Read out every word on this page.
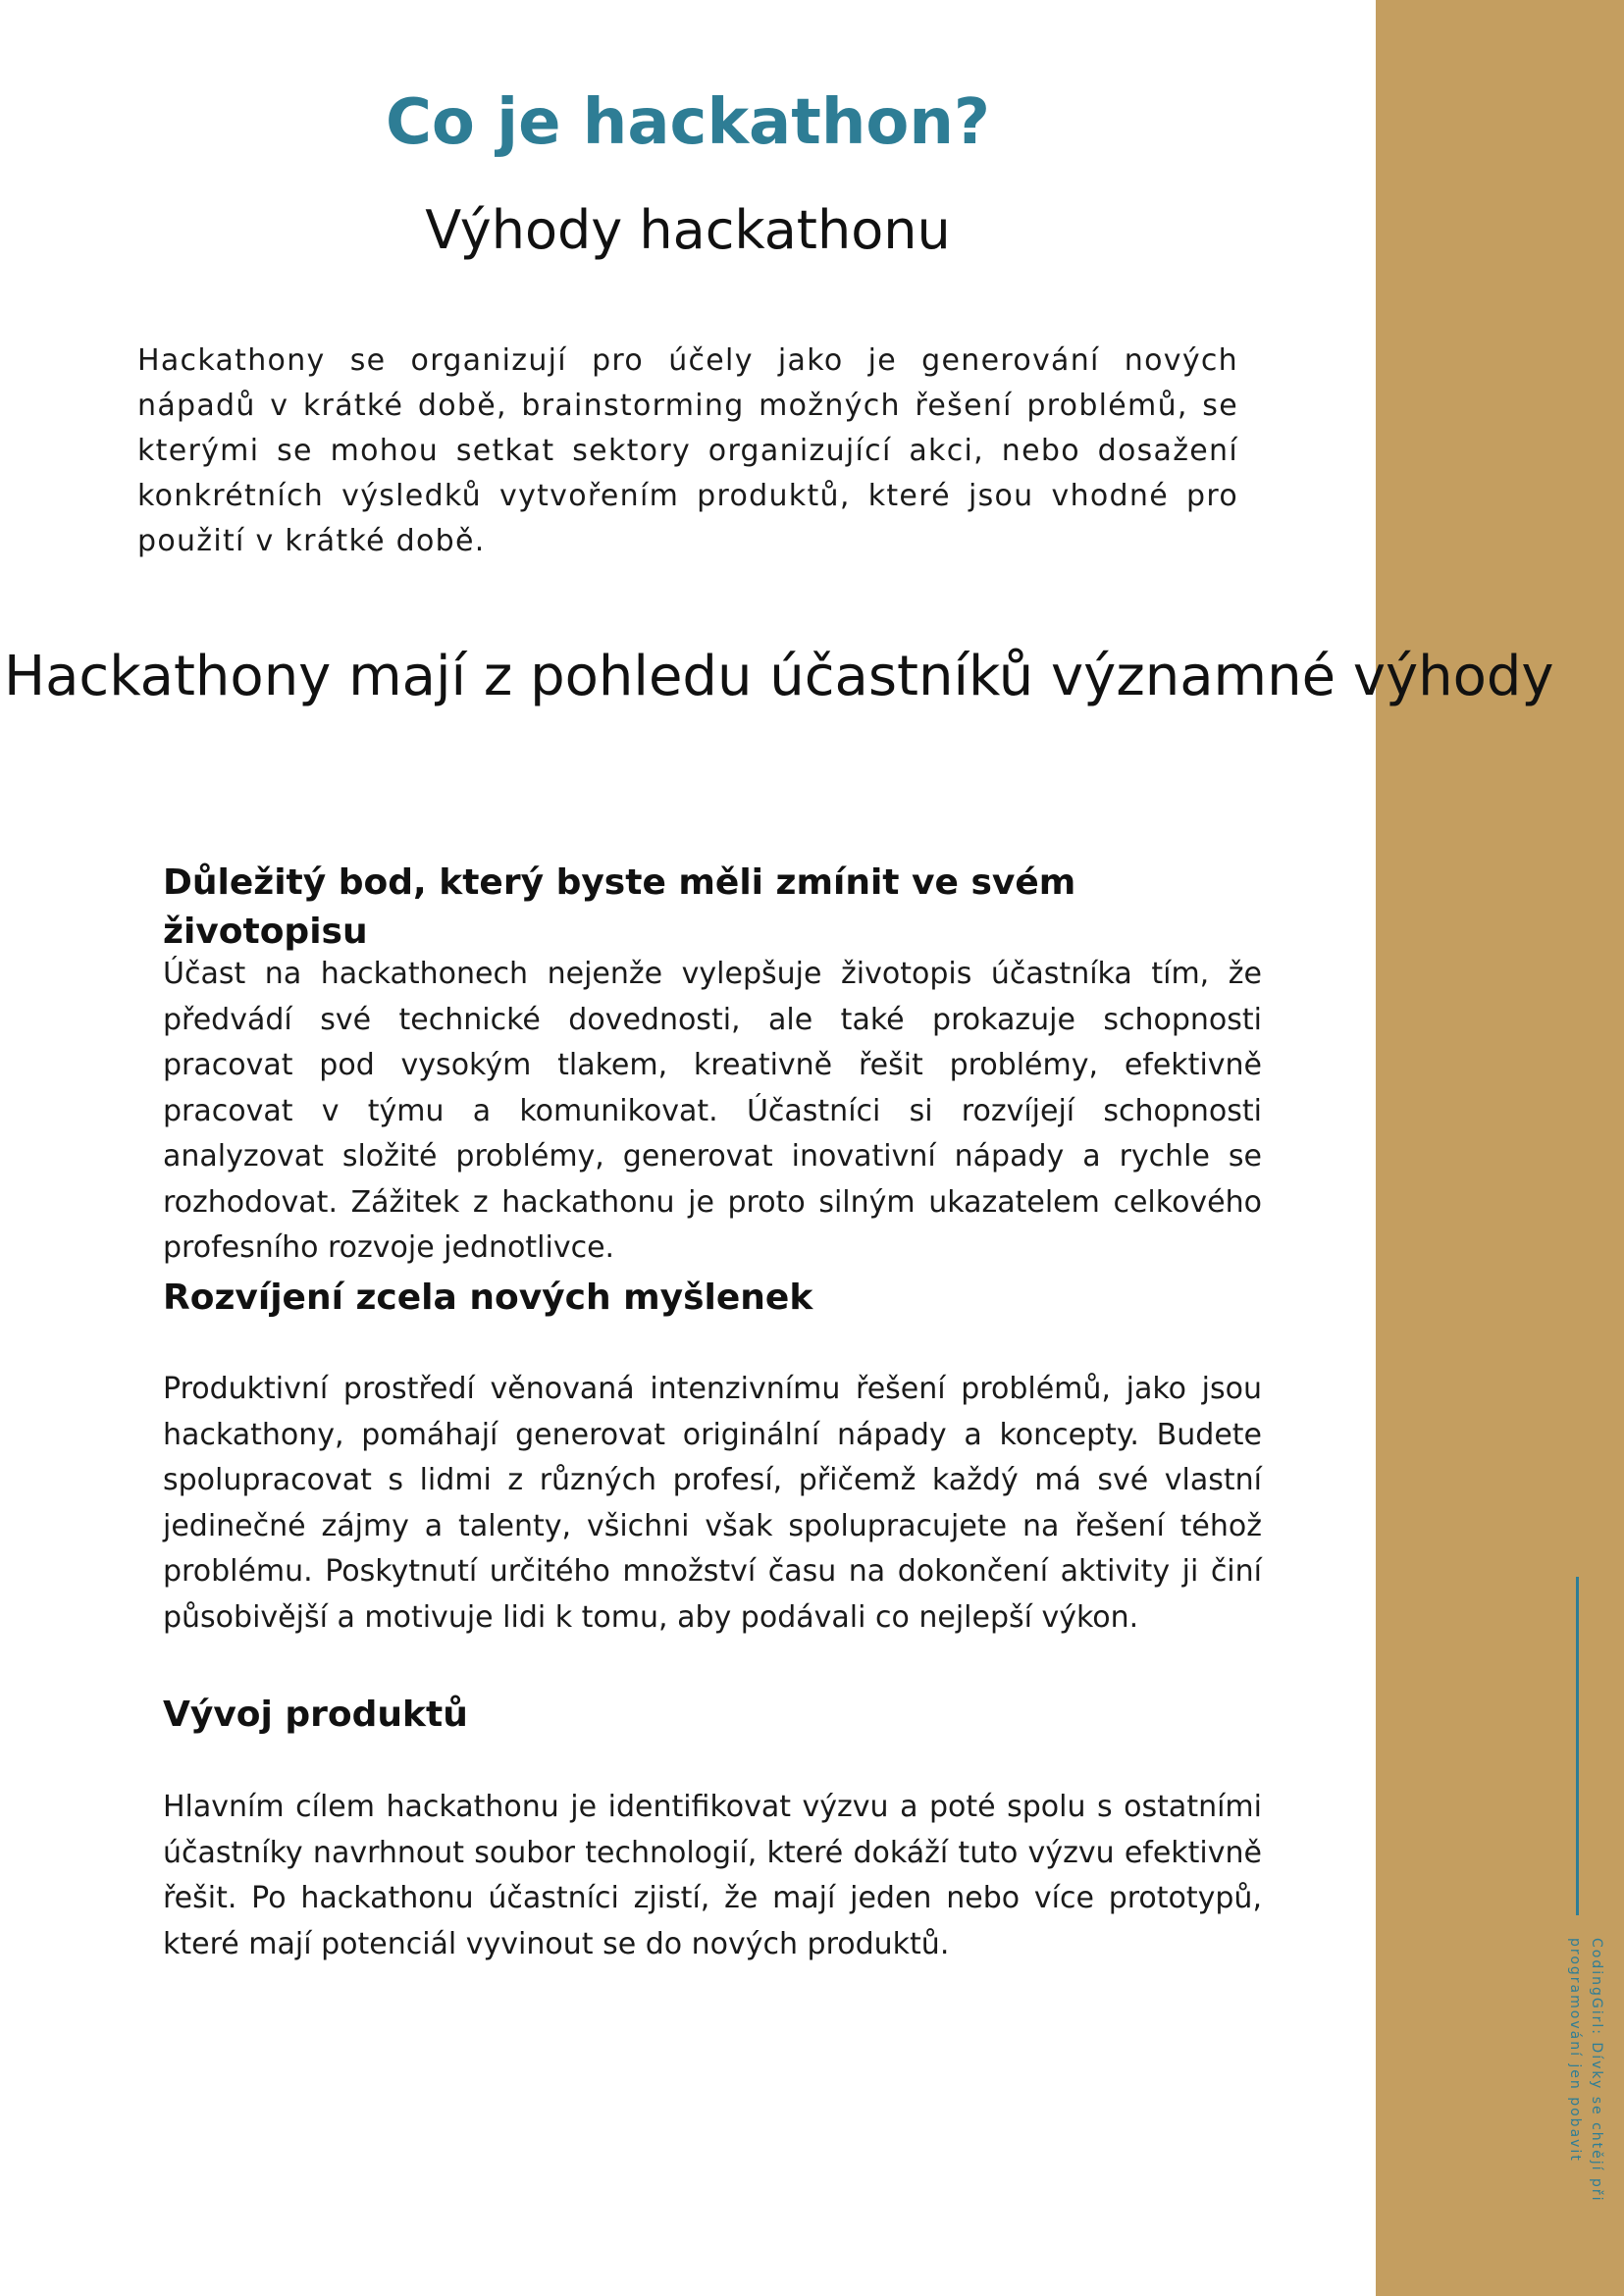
CodingGirl: Dívky se chtějí při programování jen pobavit
Co je hackathon?
Výhody hackathonu

Hackathony se organizují pro účely jako je generování nových nápadů v krátké době, brainstorming možných řešení problémů, se kterými se mohou setkat sektory organizující akci, nebo dosažení konkrétních výsledků vytvořením produktů, které jsou vhodné pro použití v krátké době.

Hackathony mají z pohledu účastníků významné výhody
Důležitý bod, který byste měli zmínit ve svém životopisu

Účast na hackathonech nejenže vylepšuje životopis účastníka tím, že předvádí své technické dovednosti, ale také prokazuje schopnosti pracovat pod vysokým tlakem, kreativně řešit problémy, efektivně pracovat v týmu a komunikovat. Účastníci si rozvíjejí schopnosti analyzovat složité problémy, generovat inovativní nápady a rychle se rozhodovat. Zážitek z hackathonu je proto silným ukazatelem celkového profesního rozvoje jednotlivce.

Rozvíjení zcela nových myšlenek

Produktivní prostředí věnovaná intenzivnímu řešení problémů, jako jsou hackathony, pomáhají generovat originální nápady a koncepty. Budete spolupracovat s lidmi z různých profesí, přičemž každý má své vlastní jedinečné zájmy a talenty, všichni však spolupracujete na řešení téhož problému. Poskytnutí určitého množství času na dokončení aktivity ji činí působivější a motivuje lidi k tomu, aby podávali co nejlepší výkon.

Vývoj produktů

Hlavním cílem hackathonu je identifikovat výzvu a poté spolu s ostatními účastníky navrhnout soubor technologií, které dokáží tuto výzvu efektivně řešit. Po hackathonu účastníci zjistí, že mají jeden nebo více prototypů, které mají potenciál vyvinout se do nových produktů.
